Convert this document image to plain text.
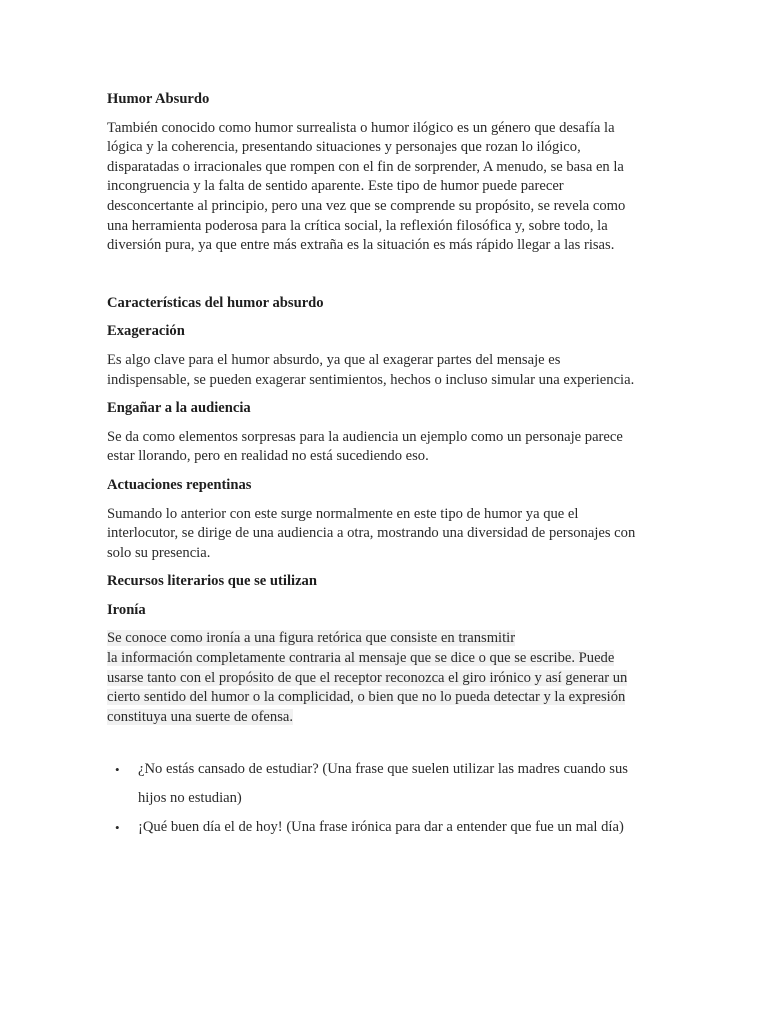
Humor Absurdo

También conocido como humor surrealista o humor ilógico es un género que desafía la
lógica y la coherencia, presentando situaciones y personajes que rozan lo ilógico,
disparatadas o irracionales que rompen con el fin de sorprender, A menudo, se basa en la
incongruencia y la falta de sentido aparente. Este tipo de humor puede parecer
desconcertante al principio, pero una vez que se comprende su propósito, se revela como
una herramienta poderosa para la crítica social, la reflexión filosófica y, sobre todo, la
diversión pura, ya que entre más extraña es la situación es más rápido llegar a las risas.

Características del humor absurdo
Exageración

Es algo clave para el humor absurdo, ya que al exagerar partes del mensaje es
indispensable, se pueden exagerar sentimientos, hechos o incluso simular una experiencia.

Engañar a la audiencia

Se da como elementos sorpresas para la audiencia un ejemplo como un personaje parece
estar llorando, pero en realidad no está sucediendo eso.

Actuaciones repentinas

Sumando lo anterior con este surge normalmente en este tipo de humor ya que el
interlocutor, se dirige de una audiencia a otra, mostrando una diversidad de personajes con
solo su presencia.

Recursos literarios que se utilizan
Ironía

Se conoce como ironía a una figura retórica que consiste en transmitir
la información completamente contraria al mensaje que se dice o que se escribe. Puede
usarse tanto con el propósito de que el receptor reconozca el giro irónico y así generar un
cierto sentido del humor o la complicidad, o bien que no lo pueda detectar y la expresión
constituya una suerte de ofensa.

• ¿No estás cansado de estudiar? (Una frase que suelen utilizar las madres cuando sus
hijos no estudian)
• ¡Qué buen día el de hoy! (Una frase irónica para dar a entender que fue un mal día)
